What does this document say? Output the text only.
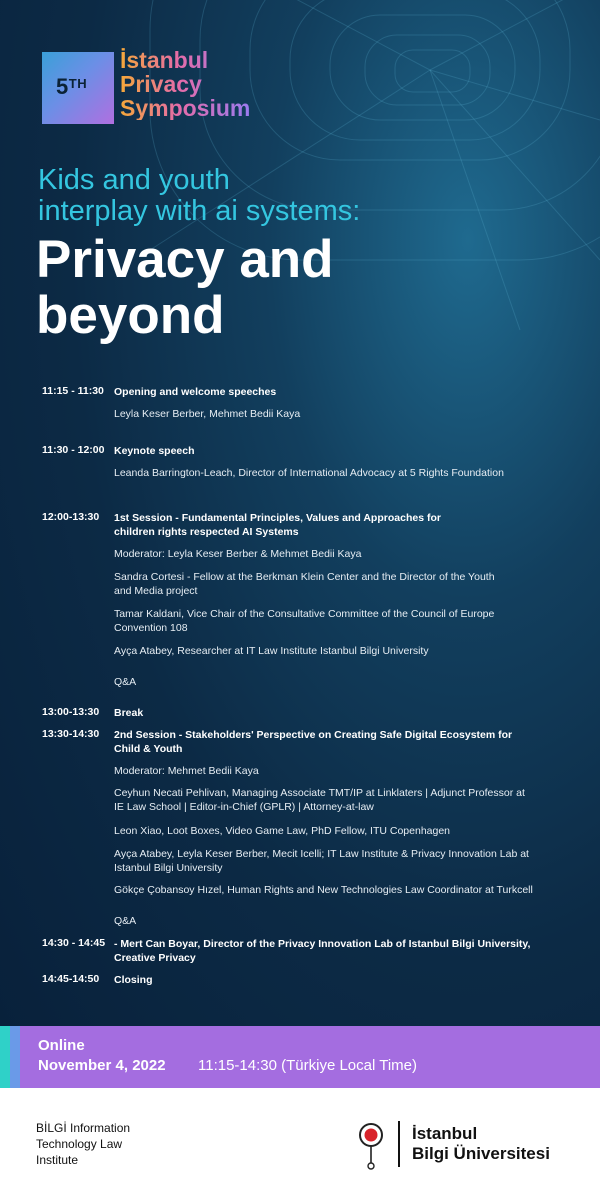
5TH
İstanbul
Privacy
Symposium
Kids and youth
interplay with ai systems:
Privacy and
beyond
11:15 - 11:30 Opening and welcome speeches
Leyla Keser Berber, Mehmet Bedii Kaya
11:30 - 12:00 Keynote speech
Leanda Barrington-Leach, Director of International Advocacy at 5 Rights Foundation
12:00-13:30 1st Session - Fundamental Principles, Values and Approaches for
children rights respected AI Systems
Moderator: Leyla Keser Berber & Mehmet Bedii Kaya
Sandra Cortesi - Fellow at the Berkman Klein Center and the Director of the Youth
and Media project
Tamar Kaldani, Vice Chair of the Consultative Committee of the Council of Europe
Convention 108
Ayça Atabey, Researcher at IT Law Institute Istanbul Bilgi University
Q&A
13:00-13:30 Break
13:30-14:30 2nd Session - Stakeholders' Perspective on Creating Safe Digital Ecosystem for
Child & Youth
Moderator: Mehmet Bedii Kaya
Ceyhun Necati Pehlivan, Managing Associate TMT/IP at Linklaters | Adjunct Professor at
IE Law School | Editor-in-Chief (GPLR) | Attorney-at-law
Leon Xiao, Loot Boxes, Video Game Law, PhD Fellow, ITU Copenhagen
Ayça Atabey, Leyla Keser Berber, Mecit Icelli; IT Law Institute & Privacy Innovation Lab at
Istanbul Bilgi University
Gökçe Çobansoy Hızel, Human Rights and New Technologies Law Coordinator at Turkcell
Q&A
14:30 - 14:45 - Mert Can Boyar, Director of the Privacy Innovation Lab of Istanbul Bilgi University,
Creative Privacy
14:45-14:50 Closing
Online
November 4, 2022 11:15-14:30 (Türkiye Local Time)
BİLGİ Information
Technology Law
Institute
İstanbul
Bilgi Üniversitesi
